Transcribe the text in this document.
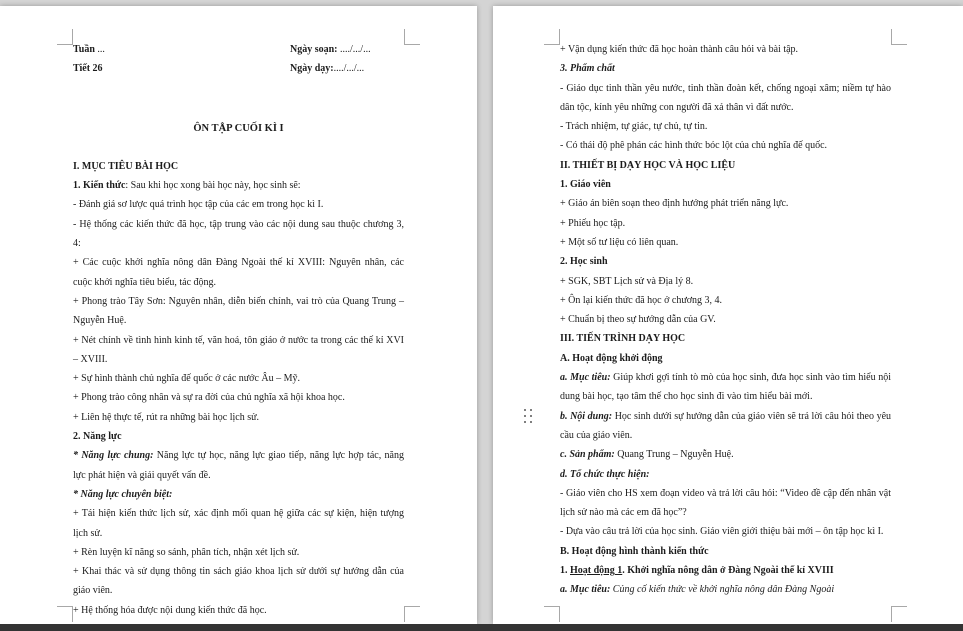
Tuần ...	Ngày soạn: ..../.../...
Tiết 26	Ngày dạy:..../.../...
ÔN TẬP CUỐI KÌ I

I. MỤC TIÊU BÀI HỌC

1. Kiến thức: Sau khi học xong bài học này, học sinh sẽ:

- Đánh giá sơ lược quá trình học tập của các em trong học kì I.

- Hệ thống các kiến thức đã học, tập trung vào các nội dung sau thuộc chương 3, 4:

+ Các cuộc khởi nghĩa nông dân Đàng Ngoài thế kỉ XVIII: Nguyên nhân, các cuộc khởi nghĩa tiêu biểu, tác động.

+ Phong trào Tây Sơn: Nguyên nhân, diễn biến chính, vai trò của Quang Trung – Nguyễn Huệ.

+ Nét chính về tình hình kinh tế, văn hoá, tôn giáo ở nước ta trong các thế kỉ XVI – XVIII.

+ Sự hình thành chủ nghĩa đế quốc ở các nước Âu – Mỹ.

+ Phong trào công nhân và sự ra đời của chủ nghĩa xã hội khoa học.

+ Liên hệ thực tế, rút ra những bài học lịch sử.

2. Năng lực

* Năng lực chung: Năng lực tự học, năng lực giao tiếp, năng lực hợp tác, năng lực phát hiện và giải quyết vấn đề.

* Năng lực chuyên biệt:

+ Tái hiện kiến thức lịch sử, xác định mối quan hệ giữa các sự kiện, hiện tượng lịch sử.

+ Rèn luyện kĩ năng so sánh, phân tích, nhận xét lịch sử.

+ Khai thác và sử dụng thông tin sách giáo khoa lịch sử dưới sự hướng dẫn của giáo viên.

+ Hệ thống hóa được nội dung kiến thức đã học.

+ Vận dụng kiến thức đã học hoàn thành câu hỏi và bài tập.

3. Phẩm chất

- Giáo dục tinh thần yêu nước, tinh thần đoàn kết, chống ngoại xâm; niềm tự hào dân tộc, kính yêu những con người đã xả thân vì đất nước.

- Trách nhiệm, tự giác, tự chủ, tự tin.

- Có thái độ phê phán các hình thức bóc lột của chủ nghĩa đế quốc.

II. THIẾT BỊ DẠY HỌC VÀ HỌC LIỆU

1. Giáo viên

+ Giáo án biên soạn theo định hướng phát triển năng lực.

+ Phiếu học tập.

+ Một số tư liệu có liên quan.

2. Học sinh

+ SGK, SBT Lịch sử và Địa lý 8.

+ Ôn lại kiến thức đã học ở chương 3, 4.

+ Chuẩn bị theo sự hướng dẫn của GV.

III. TIẾN TRÌNH DẠY HỌC

A. Hoạt động khởi động

a. Mục tiêu: Giúp khơi gợi tính tò mò của học sinh, đưa học sinh vào tìm hiểu nội dung bài học, tạo tâm thế cho học sinh đi vào tìm hiểu bài mới.

b. Nội dung: Học sinh dưới sự hướng dẫn của giáo viên sẽ trả lời câu hỏi theo yêu cầu của giáo viên.

c. Sản phẩm: Quang Trung – Nguyễn Huệ.

d. Tổ chức thực hiện:

- Giáo viên cho HS xem đoạn video và trả lời câu hỏi: “Video đề cập đến nhân vật lịch sử nào mà các em đã học”?

- Dựa vào câu trả lời của học sinh. Giáo viên giới thiệu bài mới – ôn tập học kì I.

B. Hoạt động hình thành kiến thức

1. Hoạt động 1. Khởi nghĩa nông dân ở Đàng Ngoài thế kỉ XVIII

a. Mục tiêu: Củng cố kiến thức về khởi nghĩa nông dân Đàng Ngoài
